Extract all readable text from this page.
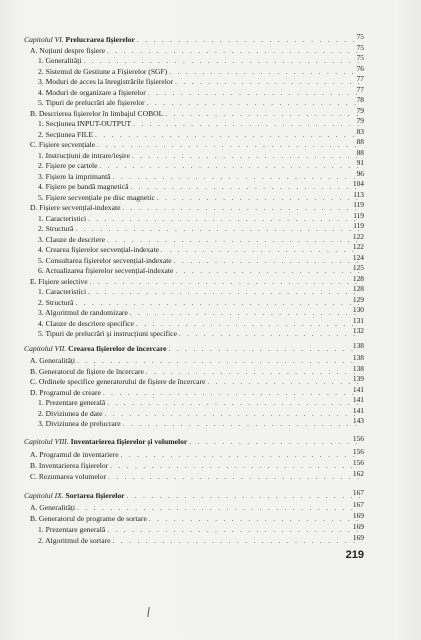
Capitolul VI. Prelucrarea fișierelor . . .	75
A. Noțiuni despre fișiere . . .	75
1. Generalități . . .	75
2. Sistemul de Gestiune a Fișierelor (SGF) . . .	76
3. Moduri de acces la înregistrările fișierelor . . .	77
4. Moduri de organizare a fișierelor . . .	77
5. Tipuri de prelucrări ale fișierelor . . .	78
B. Descrierea fișierelor în limbajul COBOL . . .	79
1. Secțiunea INPUT-OUTPUT . . .	79
2. Secțiunea FILE . . .	83
C. Fișiere secvențiale . . .	88
1. Instrucțiuni de intrare/ieșire . . .	88
2. Fișiere pe cartele . . .	91
3. Fișiere la imprimantă . . .	96
4. Fișiere pe bandă magnetică . . .	104
5. Fișiere secvențiale pe disc magnetic . . .	113
D. Fișiere secvențial-indexate . . .	119
1. Caracteristici . . .	119
2. Structură . . .	119
3. Clauze de descriere . . .	122
4. Crearea fișierelor secvențial-indexate . . .	122
5. Consultarea fișierelor secvențial-indexate . . .	124
6. Actualizarea fișierelor secvențial-indexate . . .	125
E. Fișiere selective . . .	128
1. Caracteristici . . .	128
2. Structură . . .	129
3. Algoritmul de randomizare . . .	130
4. Clauze de descriere specifice . . .	131
5. Tipuri de prelucrări și instrucțiuni specifice . . .	132
Capitolul VII. Crearea fișierelor de încercare . . .	138
A. Generalități . . .	138
B. Generatorul de fișiere de încercare . . .	138
C. Ordinele specifice generatorului de fișiere de încercare . . .	139
D. Programul de creare . . .	141
1. Prezentare generală . . .	141
2. Diviziunea de date . . .	141
3. Diviziunea de prelucrare . . .	143
Capitolul VIII. Inventarierea fișierelor și volumelor . . .	156
A. Programul de inventariere . . .	156
B. Inventarierea fișierelor . . .	156
C. Rezumarea volumelor . . .	162
Capitolul IX. Sortarea fișierelor . . .	167
A. Generalități . . .	167
B. Generatorul de programe de sortare . . .	169
1. Prezentare generală . . .	169
2. Algoritmul de sortare . . .	169
219
